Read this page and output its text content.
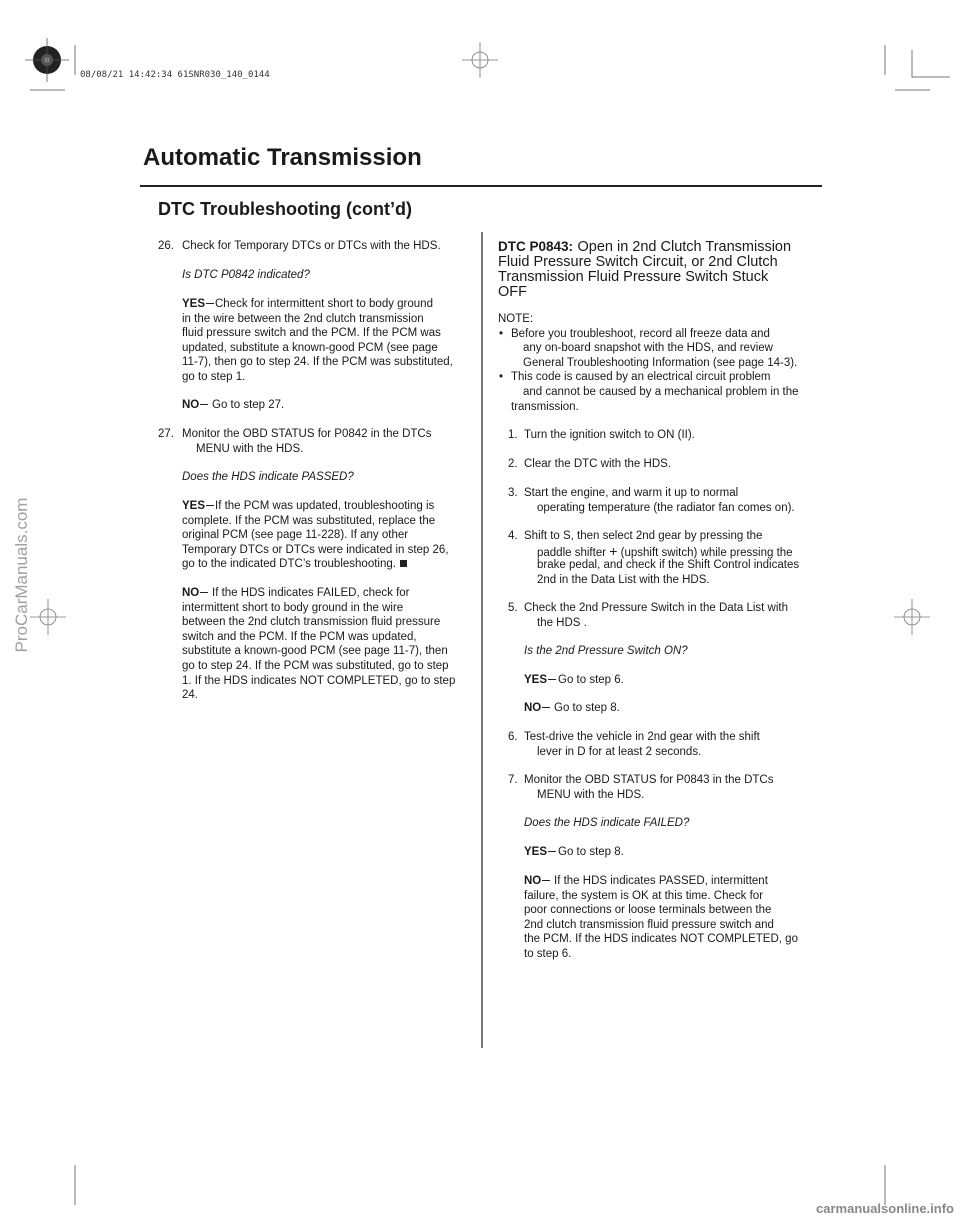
08/08/21 14:42:34 61SNR030_140_0144
Automatic Transmission
DTC Troubleshooting (cont’d)
26. Check for Temporary DTCs or DTCs with the HDS.
Is DTC P0842 indicated?
YES Check for intermittent short to body ground
in the wire between the 2nd clutch transmission
fluid pressure switch and the PCM. If the PCM was
updated, substitute a known-good PCM (see page
11-7), then go to step 24. If the PCM was substituted,
go to step 1.
NO	Go to step 27.
27. Monitor the OBD STATUS for P0842 in the DTCs
MENU with the HDS.
Does the HDS indicate PASSED?
YES If the PCM was updated, troubleshooting is
complete. If the PCM was substituted, replace the
original PCM (see page 11-228). If any other
Temporary DTCs or DTCs were indicated in step 26,
go to the indicated DTC’s troubleshooting.
NO	If the HDS indicates FAILED, check for
intermittent short to body ground in the wire
between the 2nd clutch transmission fluid pressure
switch and the PCM. If the PCM was updated,
substitute a known-good PCM (see page 11-7), then
go to step 24. If the PCM was substituted, go to step
1. If the HDS indicates NOT COMPLETED, go to step
24.
DTC P0843: Open in 2nd Clutch Transmission
Fluid Pressure Switch Circuit, or 2nd Clutch
Transmission Fluid Pressure Switch Stuck
OFF
NOTE:
• Before you troubleshoot, record all freeze data and
any on-board snapshot with the HDS, and review
General Troubleshooting Information (see page 14-3).
• This code is caused by an electrical circuit problem
and cannot be caused by a mechanical problem in the
transmission.
1. Turn the ignition switch to ON (II).
2. Clear the DTC with the HDS.
3. Start the engine, and warm it up to normal
operating temperature (the radiator fan comes on).
4. Shift to S, then select 2nd gear by pressing the
paddle shifter + (upshift switch) while pressing the
brake pedal, and check if the Shift Control indicates
2nd in the Data List with the HDS.
5. Check the 2nd Pressure Switch in the Data List with
the HDS .
Is the 2nd Pressure Switch ON?
YES Go to step 6.
NO	Go to step 8.
6. Test-drive the vehicle in 2nd gear with the shift
lever in D for at least 2 seconds.
7. Monitor the OBD STATUS for P0843 in the DTCs
MENU with the HDS.
Does the HDS indicate FAILED?
YES Go to step 8.
NO	If the HDS indicates PASSED, intermittent
failure, the system is OK at this time. Check for
poor connections or loose terminals between the
2nd clutch transmission fluid pressure switch and
the PCM. If the HDS indicates NOT COMPLETED, go
to step 6.
ProCarManuals.com
carmanualsonline.info
